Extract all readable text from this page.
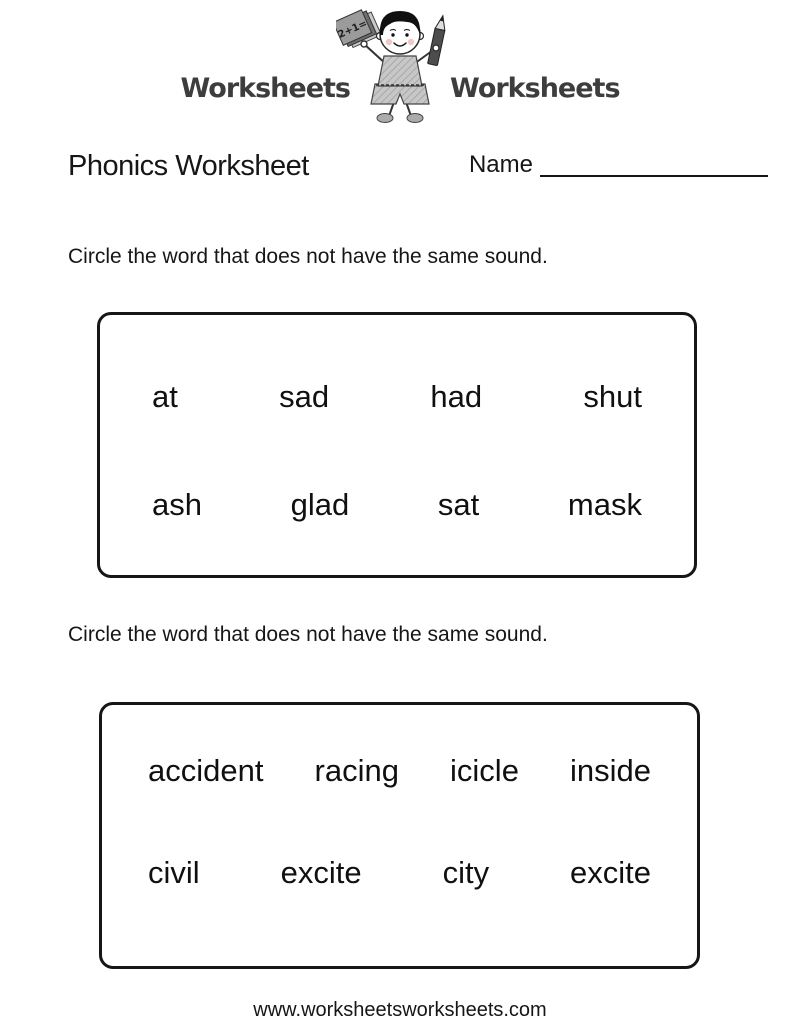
Worksheets
2+1=
Worksheets
Phonics Worksheet	Name

Circle the word that does not have the same sound.

at	sad	had	shut
ash	glad	sat	mask

Circle the word that does not have the same sound.

accident racing icicle inside
civil	excite	city	excite
www.worksheetsworksheets.com
